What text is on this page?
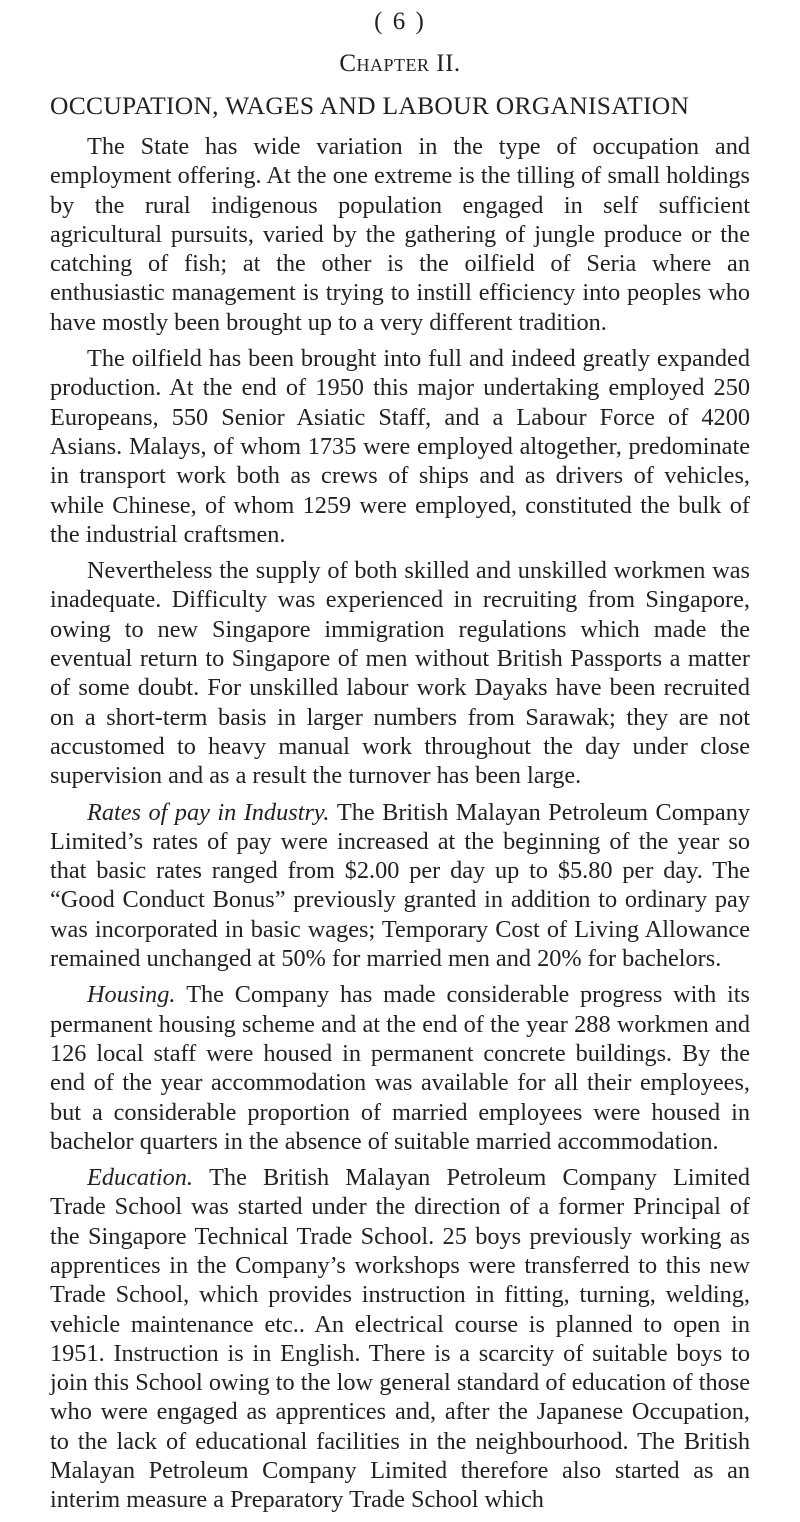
( 6 )
Chapter II.
OCCUPATION, WAGES AND LABOUR ORGANISATION

The State has wide variation in the type of occupation and employment offering. At the one extreme is the tilling of small holdings by the rural indigenous population engaged in self sufficient agricultural pursuits, varied by the gathering of jungle produce or the catching of fish; at the other is the oilfield of Seria where an enthusiastic management is trying to instill efficiency into peoples who have mostly been brought up to a very different tradition.

The oilfield has been brought into full and indeed greatly expanded production. At the end of 1950 this major undertaking employed 250 Europeans, 550 Senior Asiatic Staff, and a Labour Force of 4200 Asians. Malays, of whom 1735 were employed altogether, predominate in transport work both as crews of ships and as drivers of vehicles, while Chinese, of whom 1259 were employed, constituted the bulk of the industrial craftsmen.

Nevertheless the supply of both skilled and unskilled workmen was inadequate. Difficulty was experienced in recruiting from Singapore, owing to new Singapore immigration regulations which made the eventual return to Singapore of men without British Passports a matter of some doubt. For unskilled labour work Dayaks have been recruited on a short-term basis in larger numbers from Sarawak; they are not accustomed to heavy manual work throughout the day under close supervision and as a result the turnover has been large.

Rates of pay in Industry. The British Malayan Petroleum Company Limited’s rates of pay were increased at the beginning of the year so that basic rates ranged from $2.00 per day up to $5.80 per day. The “Good Conduct Bonus” previously granted in addition to ordinary pay was incorporated in basic wages; Temporary Cost of Living Allowance remained unchanged at 50% for married men and 20% for bachelors.

Housing. The Company has made considerable progress with its permanent housing scheme and at the end of the year 288 workmen and 126 local staff were housed in permanent concrete buildings. By the end of the year accommodation was available for all their employees, but a considerable proportion of married employees were housed in bachelor quarters in the absence of suitable married accommodation.

Education. The British Malayan Petroleum Company Limited Trade School was started under the direction of a former Principal of the Singapore Technical Trade School. 25 boys previously working as apprentices in the Company’s workshops were transferred to this new Trade School, which provides instruction in fitting, turning, welding, vehicle maintenance etc.. An electrical course is planned to open in 1951. Instruction is in English. There is a scarcity of suitable boys to join this School owing to the low general standard of education of those who were engaged as apprentices and, after the Japanese Occupation, to the lack of educational facilities in the neighbourhood. The British Malayan Petroleum Company Limited therefore also started as an interim measure a Preparatory Trade School which
